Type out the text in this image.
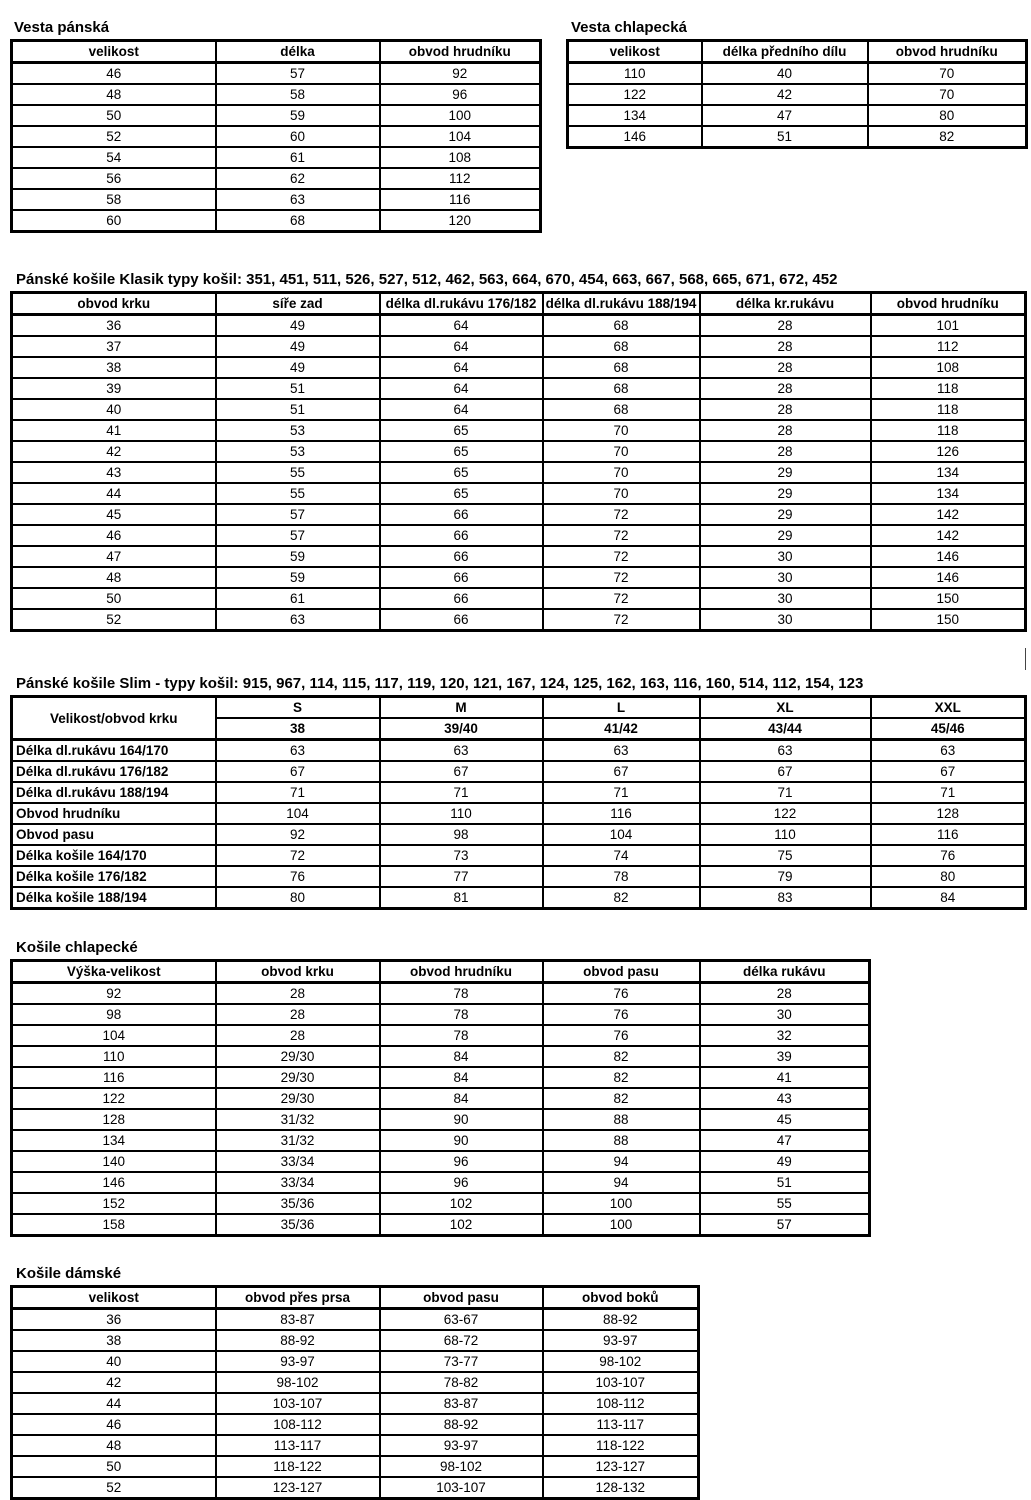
Vesta pánská
velikost	délka	obvod hrudníku
46	57	92
48	58	96
50	59	100
52	60	104
54	61	108
56	62	112
58	63	116
60	68	120
Vesta chlapecká
velikost	délka předního dílu	obvod hrudníku
110	40	70
122	42	70
134	47	80
146	51	82
Pánské košile Klasik typy košil: 351, 451, 511, 526, 527, 512, 462, 563, 664, 670, 454, 663, 667, 568, 665, 671, 672, 452
obvod krku	síře zad	délka dl.rukávu 176/182	délka dl.rukávu 188/194	délka kr.rukávu	obvod hrudníku
36	49	64	68	28	101
37	49	64	68	28	112
38	49	64	68	28	108
39	51	64	68	28	118
40	51	64	68	28	118
41	53	65	70	28	118
42	53	65	70	28	126
43	55	65	70	29	134
44	55	65	70	29	134
45	57	66	72	29	142
46	57	66	72	29	142
47	59	66	72	30	146
48	59	66	72	30	146
50	61	66	72	30	150
52	63	66	72	30	150
Pánské košile Slim - typy košil: 915, 967, 114, 115, 117, 119, 120, 121, 167, 124, 125, 162, 163, 116, 160, 514, 112, 154, 123
Velikost/obvod krku	S	M	L	XL	XXL
	38	39/40	41/42	43/44	45/46
Délka dl.rukávu 164/170	63	63	63	63	63
Délka dl.rukávu 176/182	67	67	67	67	67
Délka dl.rukávu 188/194	71	71	71	71	71
Obvod hrudníku	104	110	116	122	128
Obvod pasu	92	98	104	110	116
Délka košile 164/170	72	73	74	75	76
Délka košile 176/182	76	77	78	79	80
Délka košile 188/194	80	81	82	83	84
Košile chlapecké
Výška-velikost	obvod krku	obvod hrudníku	obvod pasu	délka rukávu
92	28	78	76	28
98	28	78	76	30
104	28	78	76	32
110	29/30	84	82	39
116	29/30	84	82	41
122	29/30	84	82	43
128	31/32	90	88	45
134	31/32	90	88	47
140	33/34	96	94	49
146	33/34	96	94	51
152	35/36	102	100	55
158	35/36	102	100	57
Košile dámské
velikost	obvod přes prsa	obvod pasu	obvod boků
36	83-87	63-67	88-92
38	88-92	68-72	93-97
40	93-97	73-77	98-102
42	98-102	78-82	103-107
44	103-107	83-87	108-112
46	108-112	88-92	113-117
48	113-117	93-97	118-122
50	118-122	98-102	123-127
52	123-127	103-107	128-132
